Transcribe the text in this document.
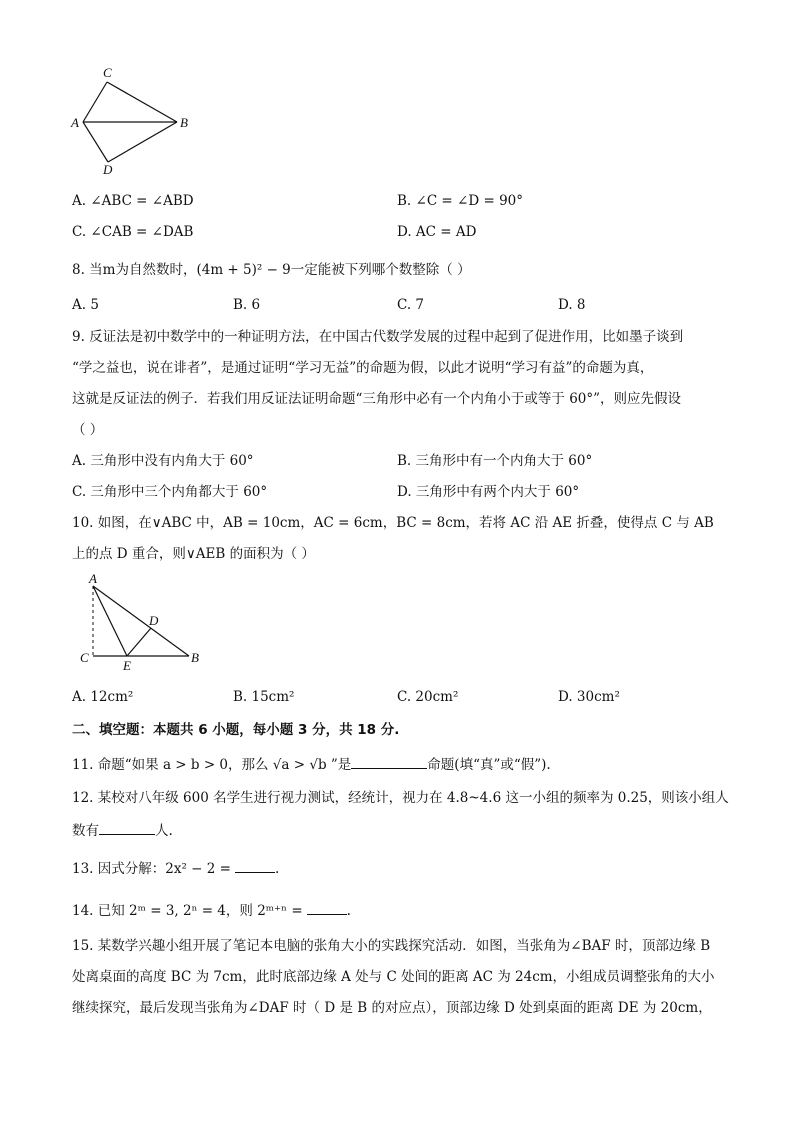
C
A	B
D
A. ∠ABC = ∠ABD	B. ∠C = ∠D = 90°
C. ∠CAB = ∠DAB	D. AC = AD
8. 当m为自然数时，(4m + 5)² − 9一定能被下列哪个数整除（ ）
A. 5	B. 6	C. 7	D. 8
9. 反证法是初中数学中的一种证明方法，在中国古代数学发展的过程中起到了促进作用，比如墨子谈到
“学之益也，说在诽者”，是通过证明“学习无益”的命题为假，以此才说明“学习有益”的命题为真，
这就是反证法的例子．若我们用反证法证明命题“三角形中必有一个内角小于或等于 60°”，则应先假设
（ ）
A. 三角形中没有内角大于 60°	B. 三角形中有一个内角大于 60°
C. 三角形中三个内角都大于 60°	D. 三角形中有两个内大于 60°
10. 如图，在∨ABC 中，AB = 10cm，AC = 6cm，BC = 8cm，若将 AC 沿 AE 折叠，使得点 C 与 AB
上的点 D 重合，则∨AEB 的面积为（ ）
A
D
C
E
B
A. 12cm²	B. 15cm²	C. 20cm²	D. 30cm²
二、填空题：本题共 6 小题，每小题 3 分，共 18 分.
11. 命题“如果 a > b > 0，那么 √a > √b ”是	命题(填“真”或“假”).
12. 某校对八年级 600 名学生进行视力测试，经统计，视力在 4.8~4.6 这一小组的频率为 0.25，则该小组人
数有	人.
13. 因式分解：2x² − 2 =	.
14. 已知 2ᵐ = 3, 2ⁿ = 4，则 2ᵐ⁺ⁿ =	.
15. 某数学兴趣小组开展了笔记本电脑的张角大小的实践探究活动．如图，当张角为∠BAF 时，顶部边缘 B
处离桌面的高度 BC 为 7cm，此时底部边缘 A 处与 C 处间的距离 AC 为 24cm，小组成员调整张角的大小
继续探究，最后发现当张角为∠DAF 时（ D 是 B 的对应点），顶部边缘 D 处到桌面的距离 DE 为 20cm，
